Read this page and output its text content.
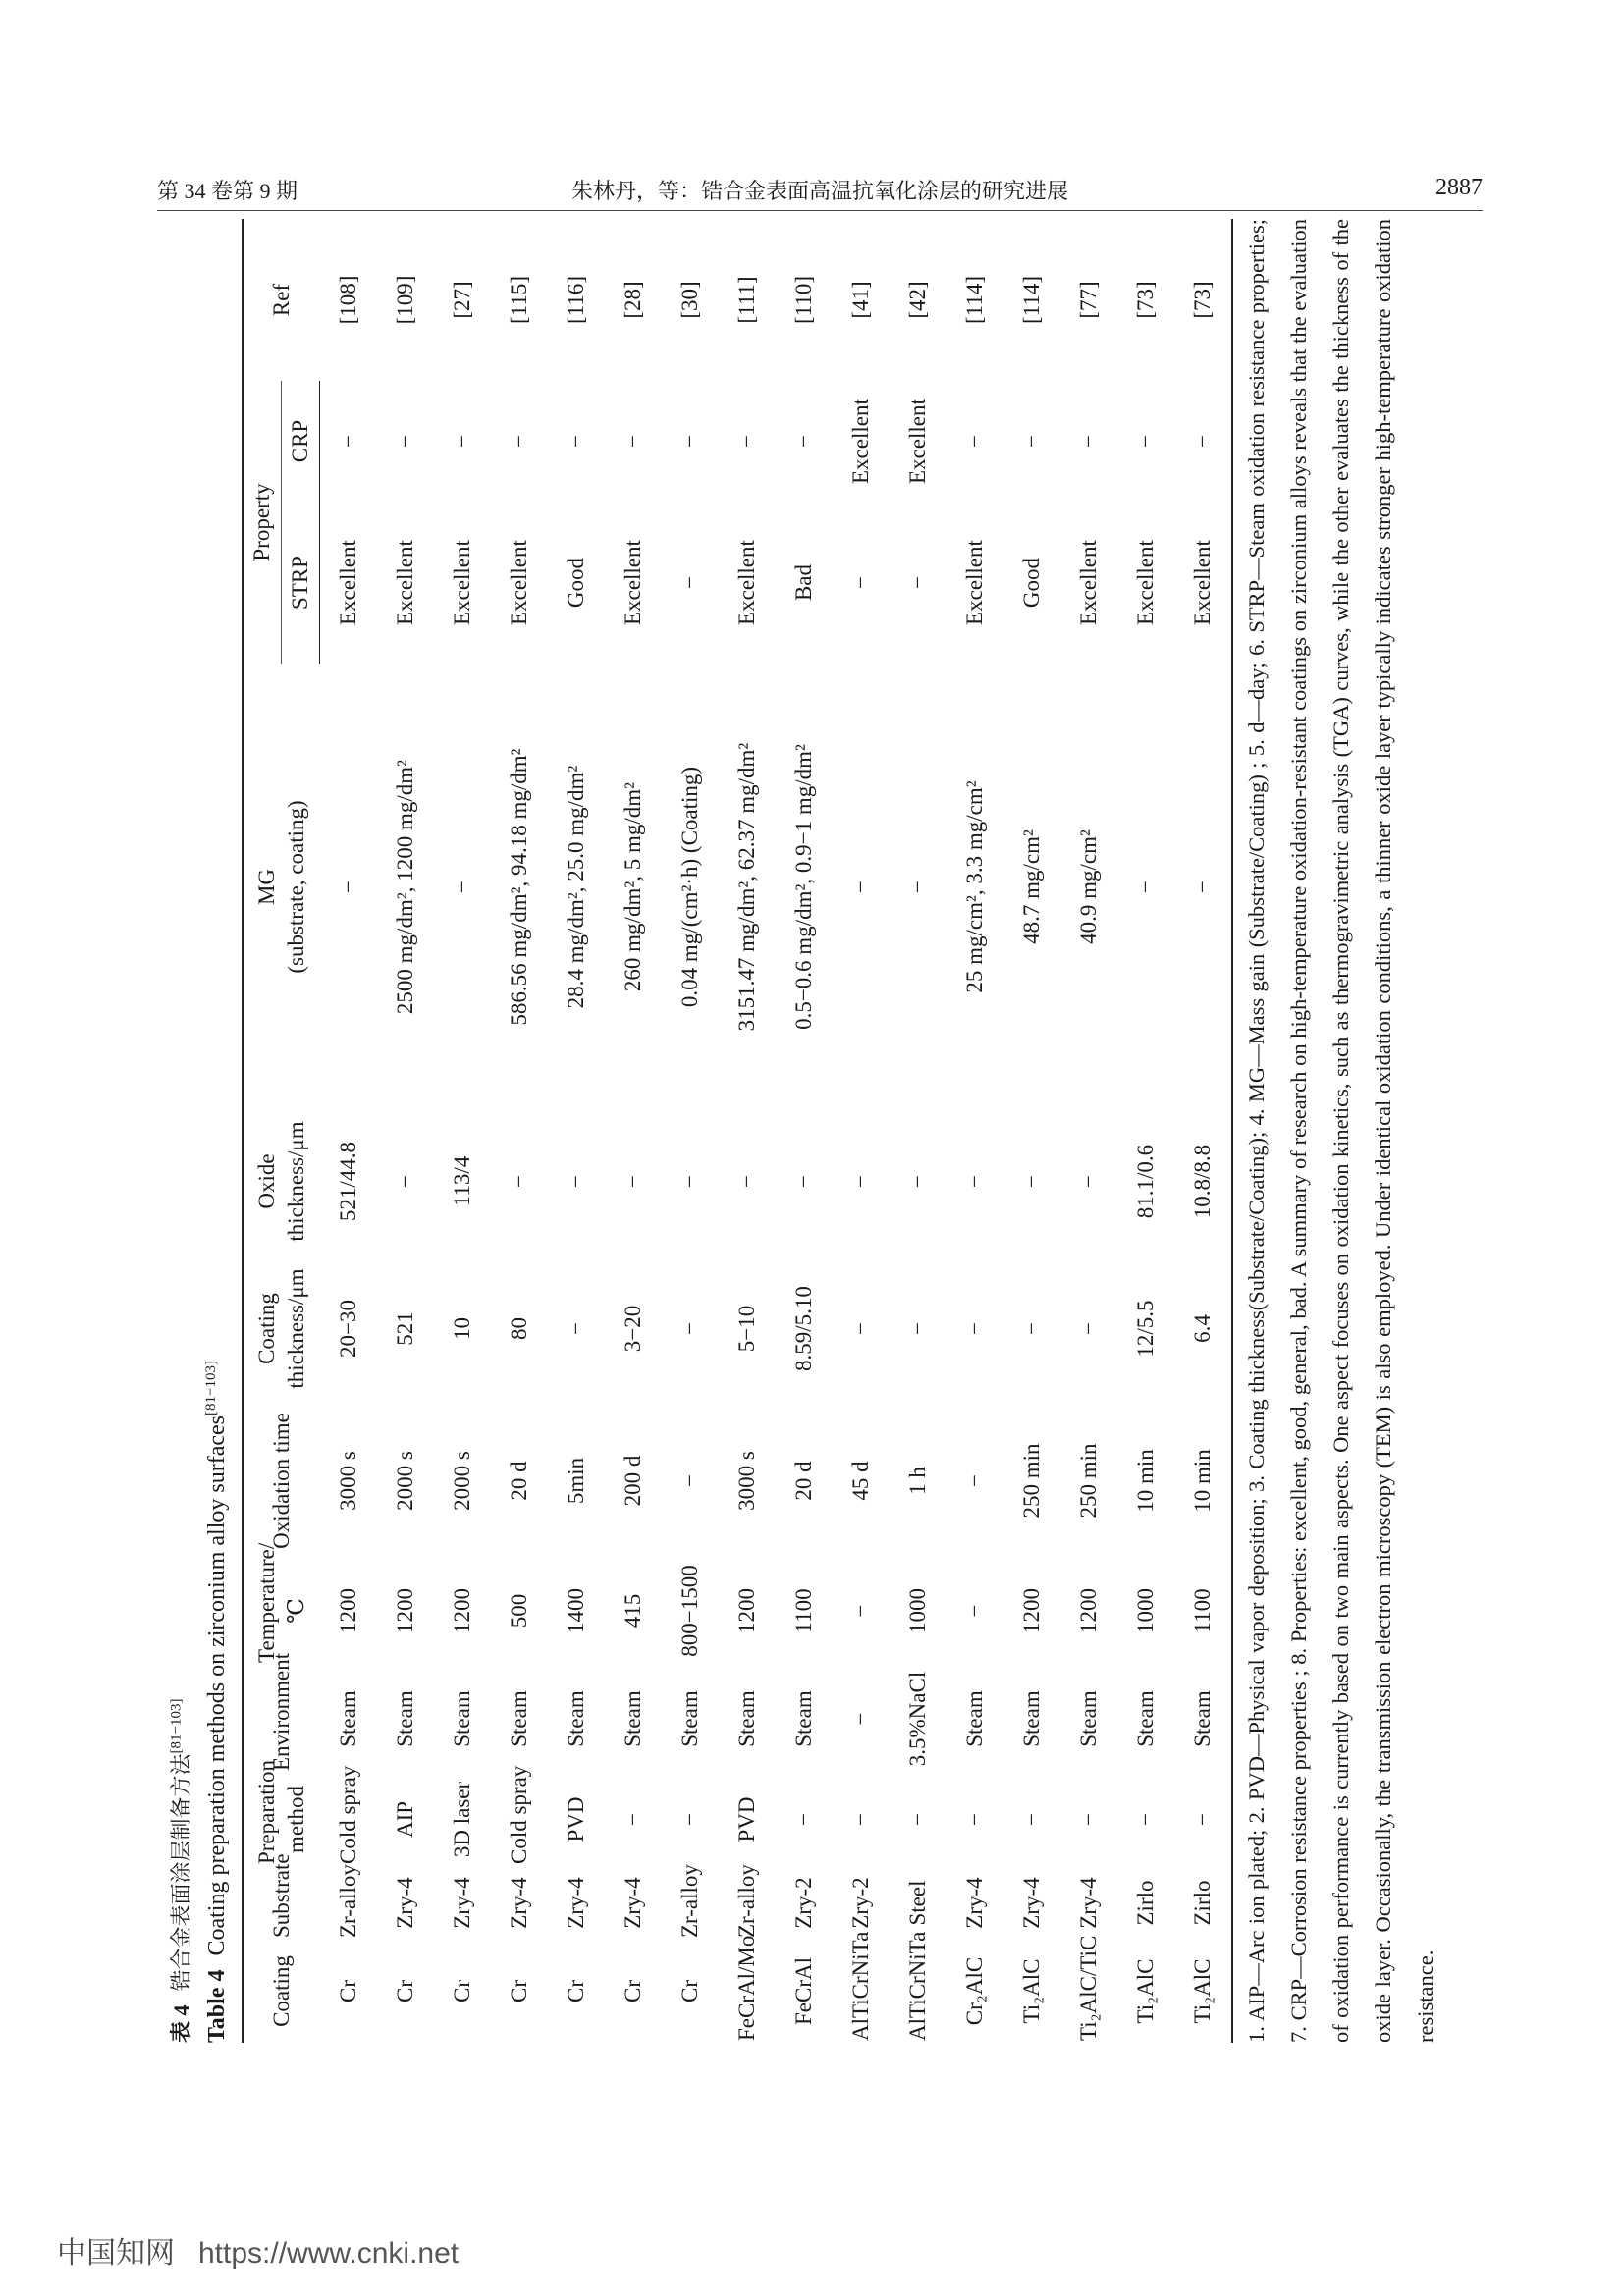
第 34 卷第 9 期	朱林丹，等：锆合金表面高温抗氧化涂层的研究进展	2887
表 4锆合金表面涂层制备方法[81−103]
Table 4Coating preparation methods on zirconium alloy surfaces[81−103]
Coating	Substrate	Preparation method	Environment	Temperature/ ℃	Oxidation time	Coating thickness/μm	Oxide thickness/μm	MG (substrate, coating)	Property		Ref
									STRP	CRP	
Cr	Zr-alloy	Cold spray	Steam	1200	3000 s	20−30	521/44.8	−	Excellent	−	[108]
Cr	Zry-4	AIP	Steam	1200	2000 s	521	−	2500 mg/dm², 1200 mg/dm²	Excellent	−	[109]
Cr	Zry-4	3D laser	Steam	1200	2000 s	10	113/4	−	Excellent	−	[27]
Cr	Zry-4	Cold spray	Steam	500	20 d	80	−	586.56 mg/dm², 94.18 mg/dm²	Excellent	−	[115]
Cr	Zry-4	PVD	Steam	1400	5min	−	−	28.4 mg/dm², 25.0 mg/dm²	Good	−	[116]
Cr	Zry-4	−	Steam	415	200 d	3−20	−	260 mg/dm², 5 mg/dm²	Excellent	−	[28]
Cr	Zr-alloy	−	Steam	800−1500	−	−	−	0.04 mg/(cm²·h) (Coating)	−	−	[30]
FeCrAl/Mo	Zr-alloy	PVD	Steam	1200	3000 s	5−10	−	3151.47 mg/dm², 62.37 mg/dm²	Excellent	−	[111]
FeCrAl	Zry-2	−	Steam	1100	20 d	8.59/5.10	−	0.5−0.6 mg/dm², 0.9−1 mg/dm²	Bad	−	[110]
AlTiCrNiTa	Zry-2	−	−	−	45 d	−	−	−	−	Excellent	[41]
AlTiCrNiTa	Steel	−	3.5%NaCl	1000	1 h	−	−	−	−	Excellent	[42]
Cr₂AlC	Zry-4	−	Steam	−	−	−	−	25 mg/cm², 3.3 mg/cm²	Excellent	−	[114]
Ti₂AlC	Zry-4	−	Steam	1200	250 min	−	−	48.7 mg/cm²	Good	−	[114]
Ti₂AlC/TiC	Zry-4	−	Steam	1200	250 min	−	−	40.9 mg/cm²	Excellent	−	[77]
Ti₂AlC	Zirlo	−	Steam	1000	10 min	12/5.5	81.1/0.6	−	Excellent	−	[73]
Ti₂AlC	Zirlo	−	Steam	1100	10 min	6.4	10.8/8.8	−	Excellent	−	[73]	1. AIP—Arc ion plated; 2. PVD—Physical vapor deposition; 3. Coating thickness(Substrate/Coating); 4. MG—Mass gain (Substrate/Coating) ; 5. d—day; 6. STRP—Steam oxidation resistance properties; 7. CRP—Corrosion resistance properties ; 8. Properties: excellent, good, general, bad. A summary of research on high-temperature oxidation-resistant coatings on zirconium alloys reveals that the evaluation of oxidation performance is currently based on two main aspects. One aspect focuses on oxidation kinetics, such as thermogravimetric analysis (TGA) curves, while the other evaluates the thickness of the oxide layer. Occasionally, the transmission electron microscopy (TEM) is also employed. Under identical oxidation conditions, a thinner oxide layer typically indicates stronger high-temperature oxidation resistance.
中国知网 https://www.cnki.net
